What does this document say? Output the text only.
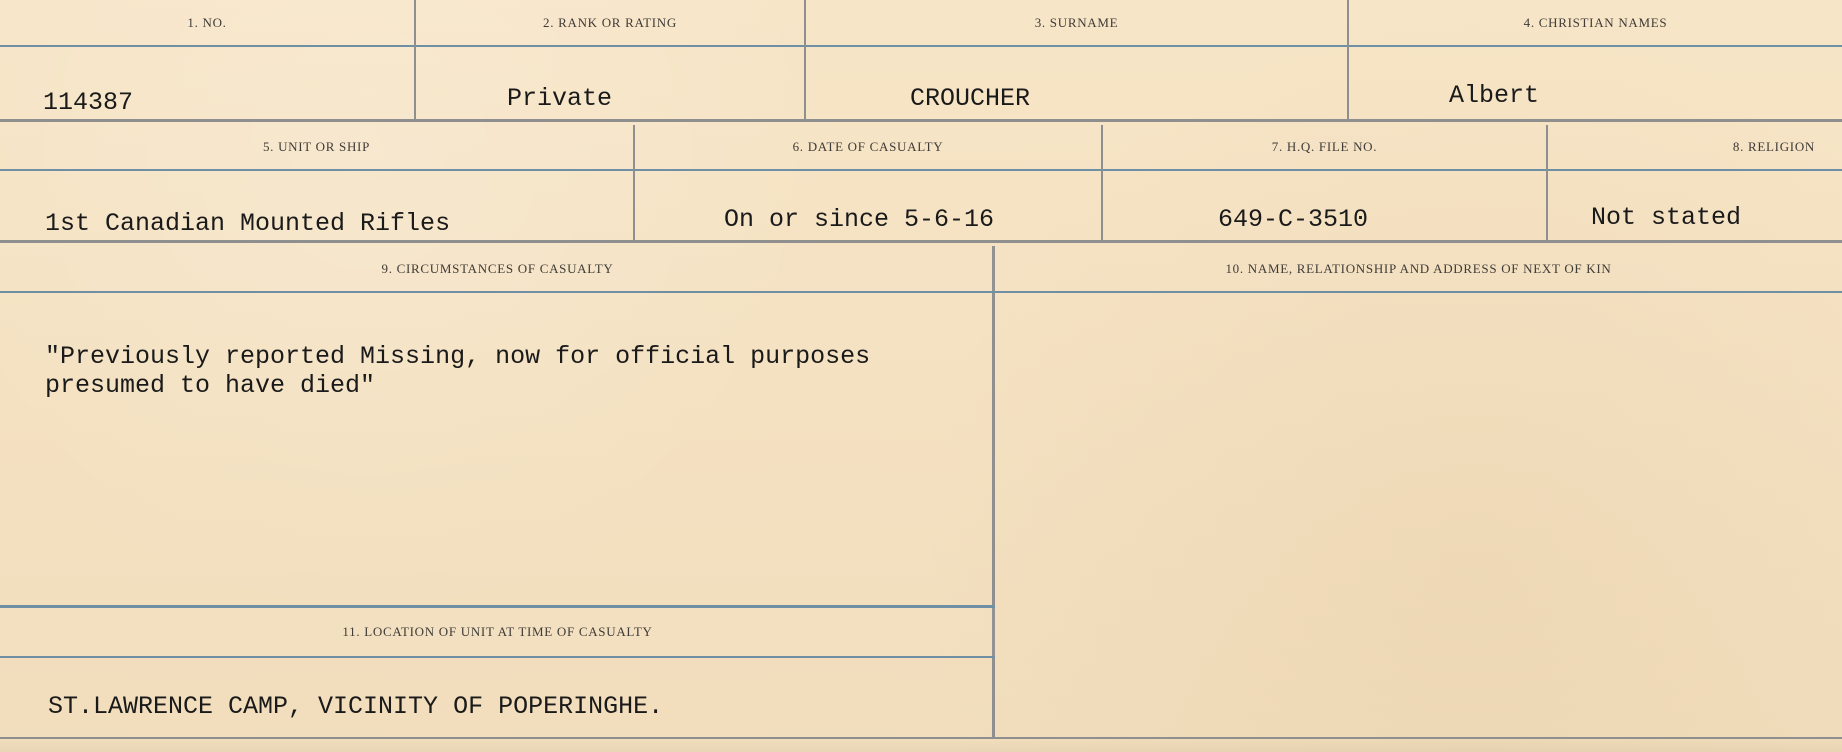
1. NO.
114387
2. RANK OR RATING
Private
3. SURNAME
CROUCHER
4. CHRISTIAN NAMES
Albert
5. UNIT OR SHIP
1st Canadian Mounted Rifles
6. DATE OF CASUALTY
On or since 5-6-16
7. H.Q. FILE NO.
649-C-3510
8. RELIGION
Not stated
9. CIRCUMSTANCES OF CASUALTY
"Previously reported Missing, now for official purposes
presumed to have died"
11. LOCATION OF UNIT AT TIME OF CASUALTY
ST.LAWRENCE CAMP, VICINITY OF POPERINGHE.
10. NAME, RELATIONSHIP AND ADDRESS OF NEXT OF KIN
